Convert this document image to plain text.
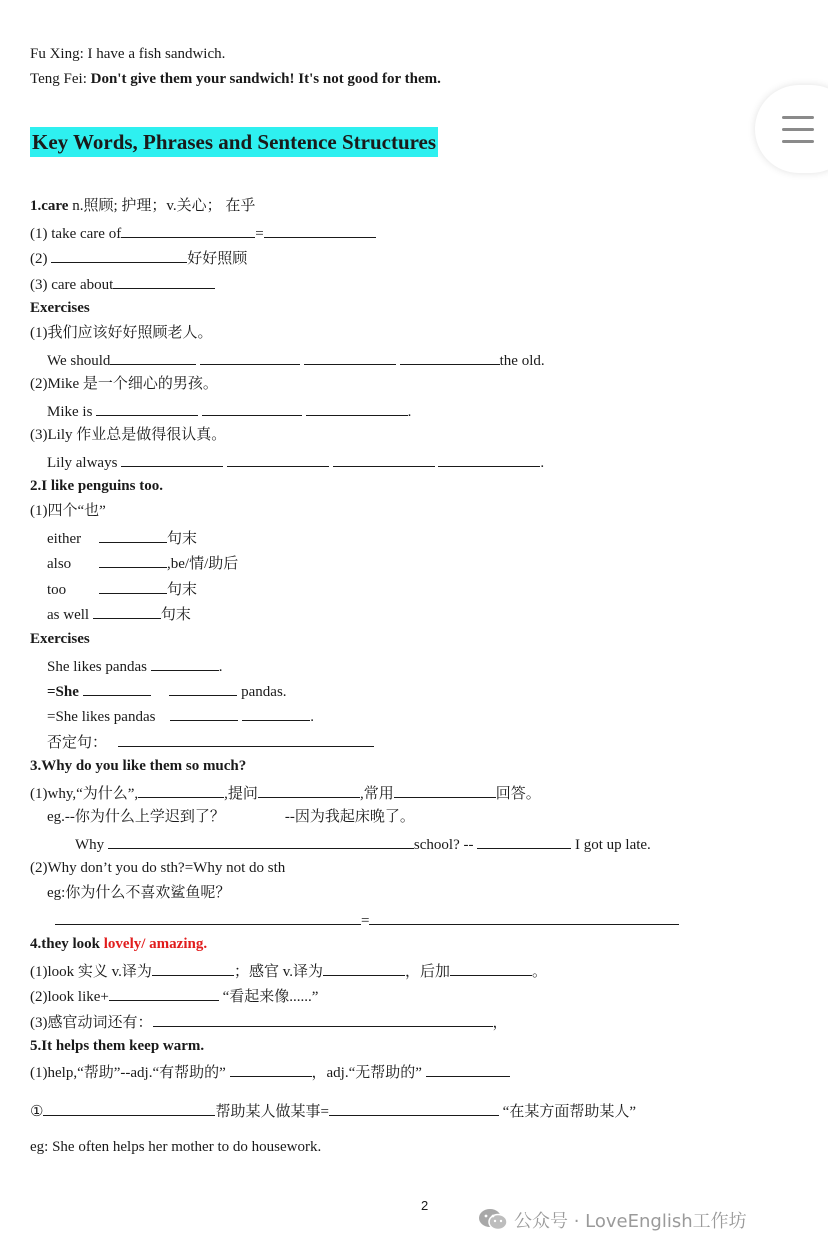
Fu Xing: I have a fish sandwich.
Teng Fei: Don't give them your sandwich! It's not good for them.
Key Words, Phrases and Sentence Structures
1.care n.照顾; 护理；v.关心； 在乎
(1) take care of	=
(2)	好好照顾
(3) care about
Exercises
(1)我们应该好好照顾老人。
We should	the old.
(2)Mike 是一个细心的男孩。
Mike is	.
(3)Lily 作业总是做得很认真。
Lily always	.
2.I like penguins too.
(1)四个“也”
either	句末
also	,be/情/助后
too	句末
as well	句末
Exercises
She likes pandas	.
=She	pandas.
=She likes pandas	.
否定句：
3.Why do you like them so much?
(1)why,“为什么”,	,提问	,常用	回答。
eg.--你为什么上学迟到了？	--因为我起床晚了。
Why	school? --	I got up late.
(2)Why don’t you do sth?=Why not do sth
eg:你为什么不喜欢鲨鱼呢？
=
4.they look lovely/ amazing.
(1)look 实义 v.译为	；感官 v.译为	，后加	。
(2)look like+	“看起来像......”
(3)感官动词还有：	，
5.It helps them keep warm.
(1)help,“帮助”--adj.“有帮助的”	，adj.“无帮助的”
①	帮助某人做某事=	“在某方面帮助某人”
eg: She often helps her mother to do housework.
2
公众号 · LoveEnglish工作坊
